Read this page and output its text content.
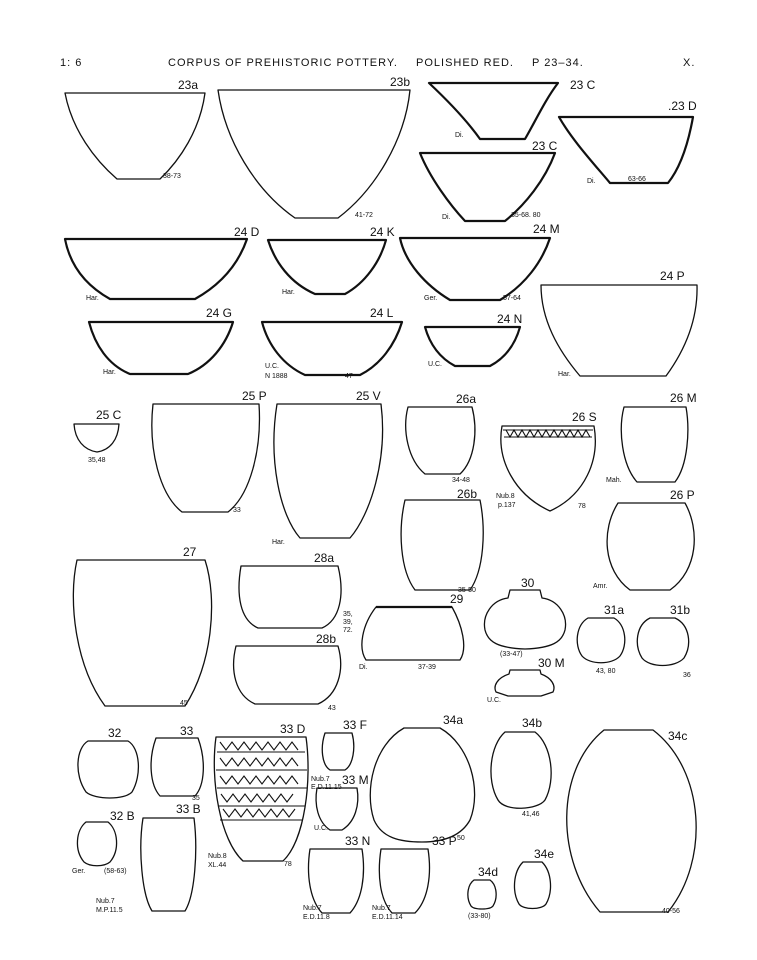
1: 6	CORPUS OF PREHISTORIC POTTERY. POLISHED RED. P 23–34.	X.
23a
38-73
23b
41-72
23 C
Di.
.23 D
Di.	63-66
23 C
Di.	35-68. 80
24 D
Har.
24 K
Har.
24 M
Ger.	57-64
24 G
Har.
24 L
U.C.
N 1888	47
24 N
U.C.
24 P
Har.
25 C
35,48
25 P
33
25 V
Har.
26a
34-48
26 S
Nub.8
p.137	78
26 M
Mah.
26b
35-50
26 P
Amr.
27
45
28a
35,
39,
72.
28b
43
29
Di.	37-39
30
(33-47)
30 M
U.C.
31a
43, 80
31b
36
32	33
35
33 D
Nub.8
XL.44	78
33 F
Nub.7
E.D.11.15
33 M
U.C.
34a
50
34b
41,46
34c
40-56
32 B
Ger.	(58-63)
33 B
Nub.7
M.P.11.5
33 N
Nub.7
E.D.11.8
33 P
Nub.7
E.D.11.14
34d
(33-80)
34e
